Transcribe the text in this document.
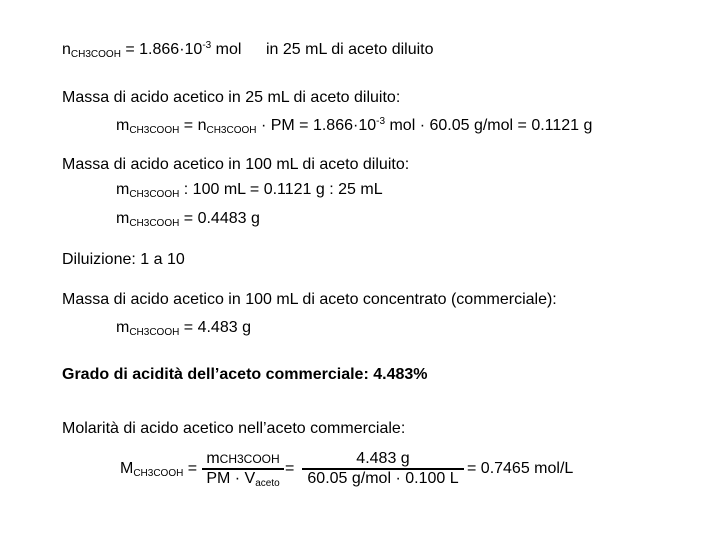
$n_{CH3COOH} = 1.866\cdot 10^{-3}$ mol in 25 mL di aceto diluito
Massa di acido acetico in 25 mL di aceto diluito:
$m_{CH3COOH} = n_{CH3COOH}$ · PM = $1.866\cdot 10^{-3}$ mol · 60.05 g/mol = 0.1121 g
Massa di acido acetico in 100 mL di aceto diluito:
$m_{CH3COOH}$ : 100 mL = 0.1121 g : 25 mL
$m_{CH3COOH} = 0.4483$ g
Diluizione: 1 a 10
Massa di acido acetico in 100 mL di aceto concentrato (commerciale):
$m_{CH3COOH} = 4.483$ g
Grado di acidità dell’aceto commerciale: 4.483%
Molarità di acido acetico nell’aceto commerciale:
$M_{CH3COOH}$ =
mCH3COOH
PM · $V_{aceto}$
=
4.483 g
60.05 g/mol · 0.100 L
= 0.7465 mol/L
